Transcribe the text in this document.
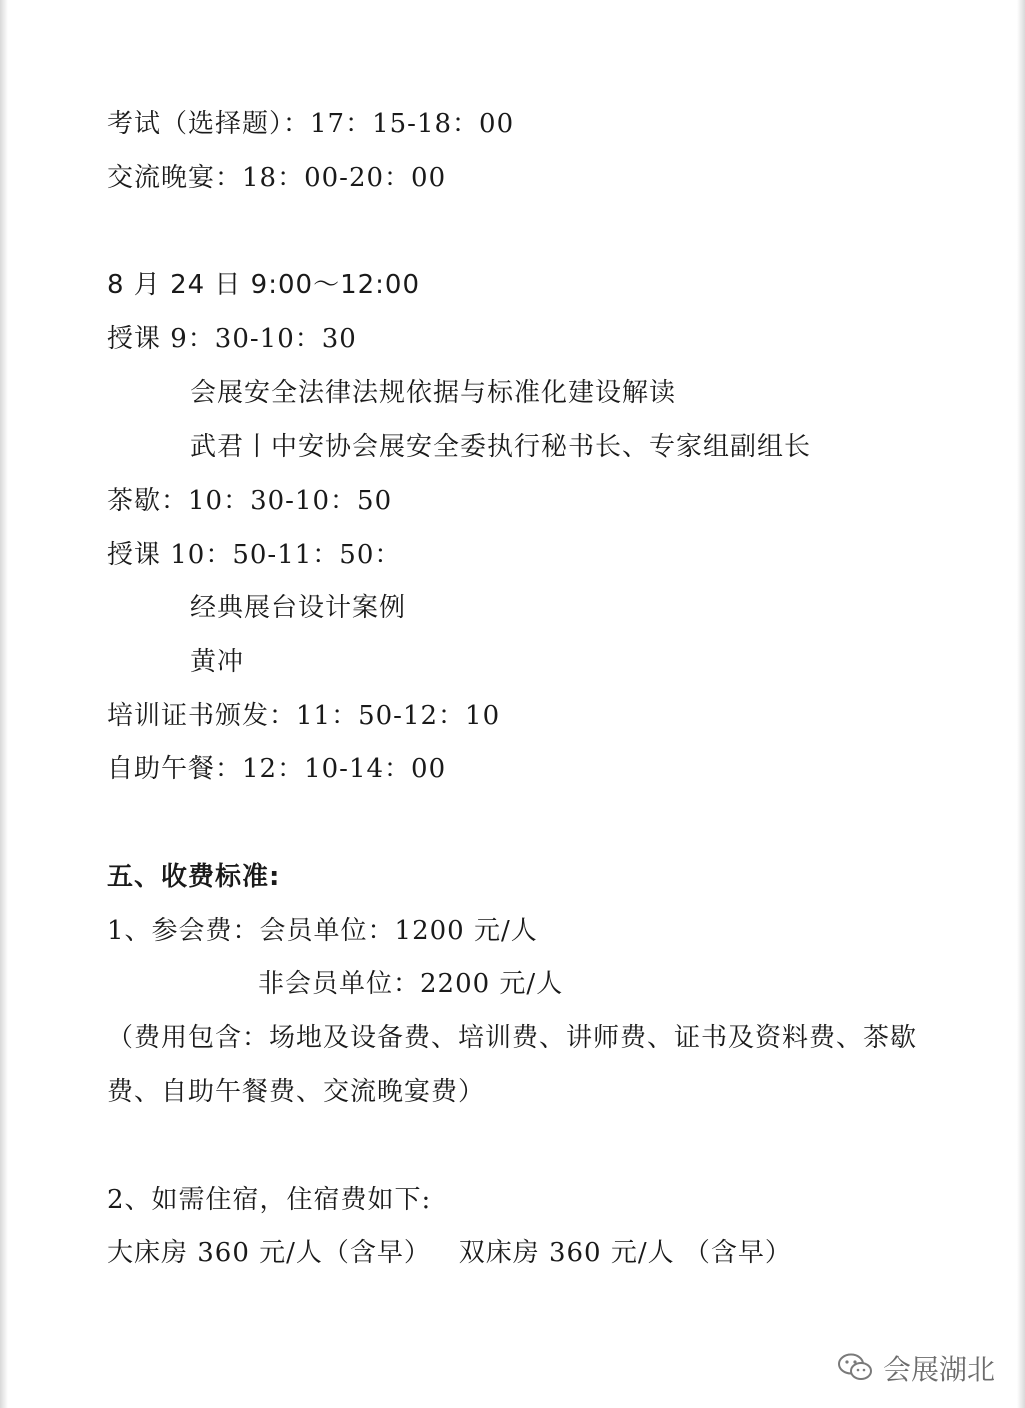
考试（选择题）：17：15-18：00
交流晚宴：18：00-20：00
8 月 24 日 9:00～12:00
授课 9：30-10：30
会展安全法律法规依据与标准化建设解读
武君丨中安协会展安全委执行秘书长、专家组副组长
茶歇：10：30-10：50
授课 10：50-11：50：
经典展台设计案例
黄冲
培训证书颁发：11：50-12：10
自助午餐：12：10-14：00
五、收费标准:
1、参会费：会员单位：1200 元/人
非会员单位：2200 元/人
（费用包含：场地及设备费、培训费、讲师费、证书及资料费、茶歇
费、自助午餐费、交流晚宴费）
2、如需住宿，住宿费如下:
大床房 360 元/人（含早）   双床房 360 元/人 （含早）
会展湖北
